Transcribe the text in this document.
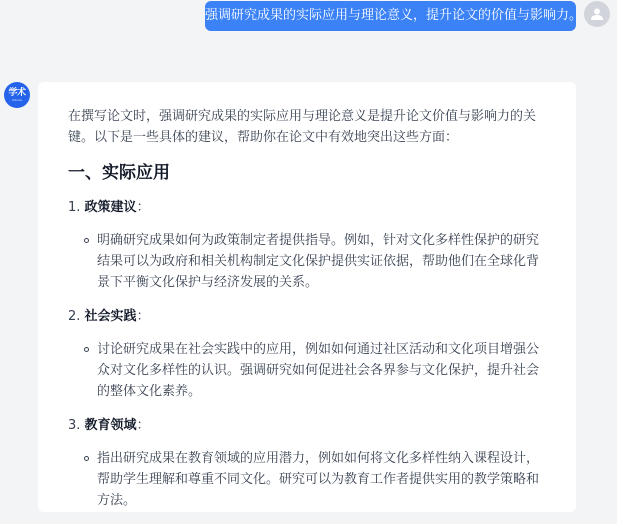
强调研究成果的实际应用与理论意义，提升论文的价值与影响力。
学术
Aitools

在撰写论文时，强调研究成果的实际应用与理论意义是提升论文价值与影响力的关键。以下是一些具体的建议，帮助你在论文中有效地突出这些方面：

一、实际应用
1. 政策建议：
明确研究成果如何为政策制定者提供指导。例如，针对文化多样性保护的研究结果可以为政府和相关机构制定文化保护提供实证依据，帮助他们在全球化背景下平衡文化保护与经济发展的关系。
2. 社会实践：
讨论研究成果在社会实践中的应用，例如如何通过社区活动和文化项目增强公众对文化多样性的认识。强调研究如何促进社会各界参与文化保护，提升社会的整体文化素养。
3. 教育领域：
指出研究成果在教育领域的应用潜力，例如如何将文化多样性纳入课程设计，帮助学生理解和尊重不同文化。研究可以为教育工作者提供实用的教学策略和方法。
